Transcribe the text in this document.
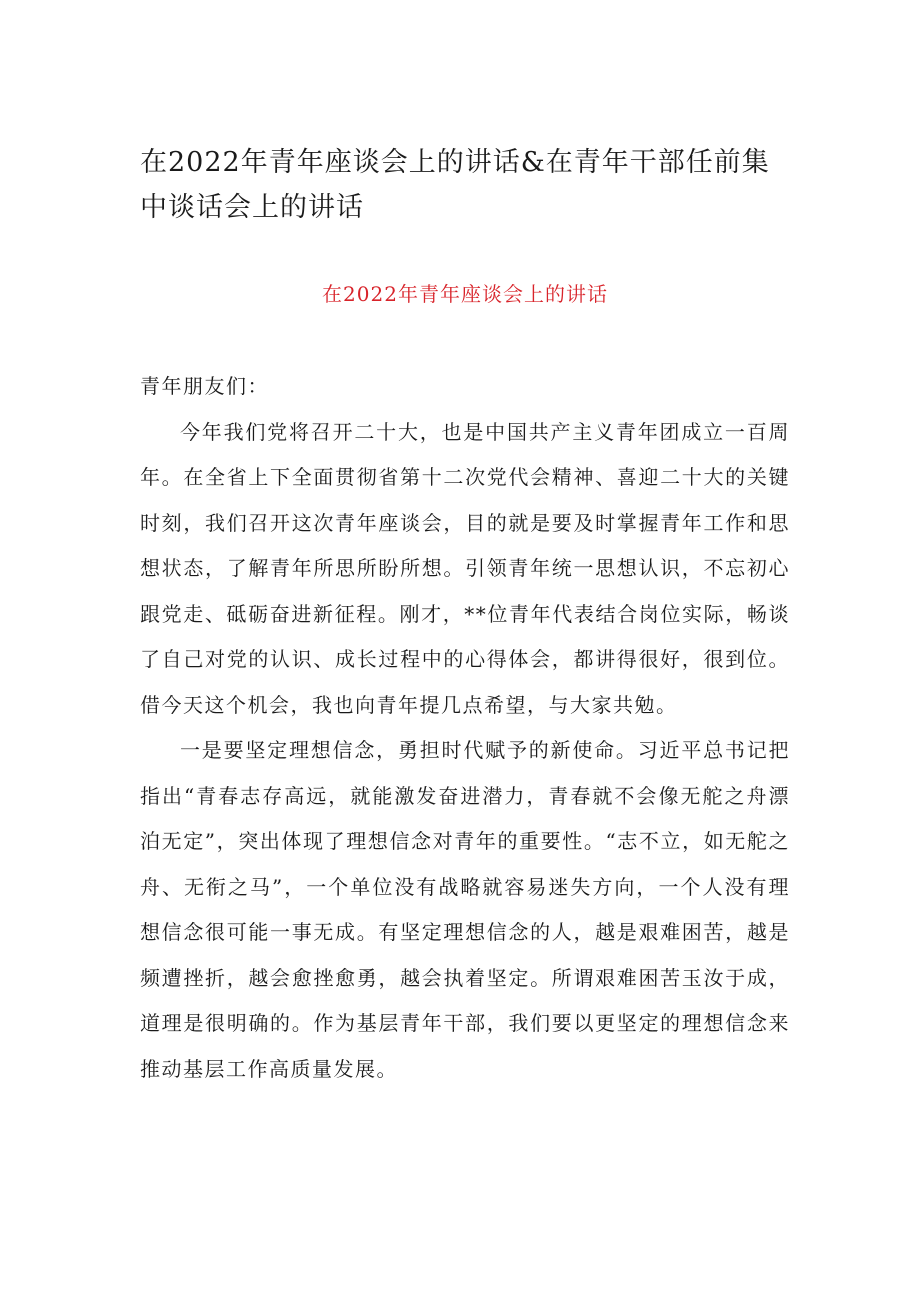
在2022年青年座谈会上的讲话&在青年干部任前集中谈话会上的讲话
在2022年青年座谈会上的讲话

青年朋友们：

今年我们党将召开二十大，也是中国共产主义青年团成立一百周年。在全省上下全面贯彻省第十二次党代会精神、喜迎二十大的关键时刻，我们召开这次青年座谈会，目的就是要及时掌握青年工作和思想状态，了解青年所思所盼所想。引领青年统一思想认识，不忘初心跟党走、砥砺奋进新征程。刚才，**位青年代表结合岗位实际，畅谈了自己对党的认识、成长过程中的心得体会，都讲得很好，很到位。借今天这个机会，我也向青年提几点希望，与大家共勉。

一是要坚定理想信念，勇担时代赋予的新使命。习近平总书记把指出“青春志存高远，就能激发奋进潜力，青春就不会像无舵之舟漂泊无定”，突出体现了理想信念对青年的重要性。“志不立，如无舵之舟、无衔之马”，一个单位没有战略就容易迷失方向，一个人没有理想信念很可能一事无成。有坚定理想信念的人，越是艰难困苦，越是频遭挫折，越会愈挫愈勇，越会执着坚定。所谓艰难困苦玉汝于成，道理是很明确的。作为基层青年干部，我们要以更坚定的理想信念来推动基层工作高质量发展。
